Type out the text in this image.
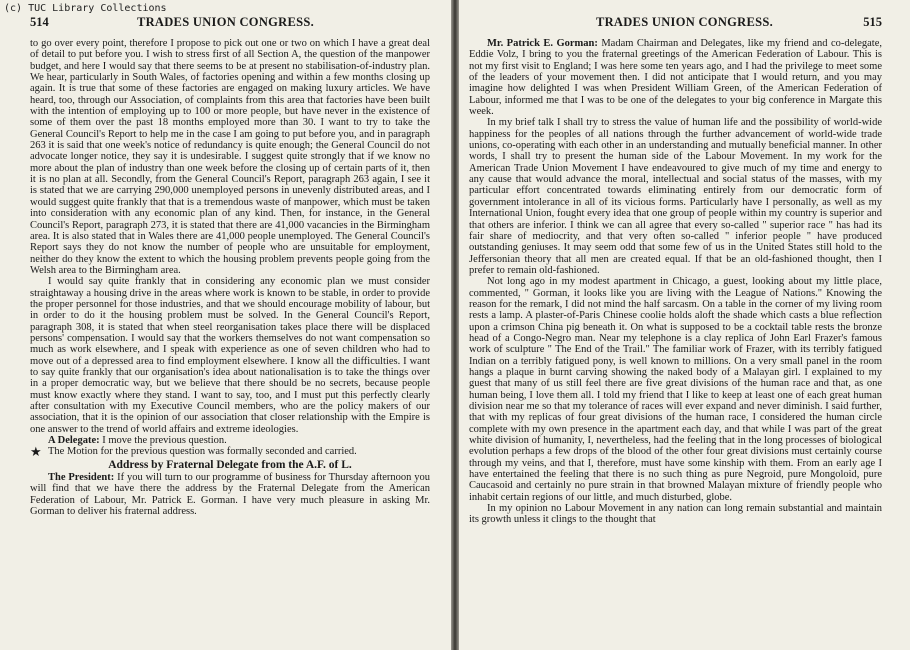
(c) TUC Library Collections
TRADES UNION CONGRESS.
514

to go over every point, therefore I propose to pick out one or two on which I have a great deal of detail to put before you. I wish to stress first of all Section A, the question of the manpower budget, and here I would say that there seems to be at present no stabilisation-of-industry plan. We hear, particularly in South Wales, of factories opening and within a few months closing up again. It is true that some of these factories are engaged on making luxury articles. We have heard, too, through our Association, of complaints from this area that factories have been built with the intention of employing up to 100 or more people, but have never in the existence of some of them over the past 18 months employed more than 30. I want to try to take the General Council's Report to help me in the case I am going to put before you, and in paragraph 263 it is said that one week's notice of redundancy is quite enough; the General Council do not advocate longer notice, they say it is undesirable. I suggest quite strongly that if we know no more about the plan of industry than one week before the closing up of certain parts of it, then it is no plan at all. Secondly, from the General Council's Report, paragraph 263 again, I see it is stated that we are carrying 290,000 unemployed persons in unevenly distributed areas, and I would suggest quite frankly that that is a tremendous waste of manpower, which must be taken into consideration with any economic plan of any kind. Then, for instance, in the General Council's Report, paragraph 273, it is stated that there are 41,000 vacancies in the Birmingham area. It is also stated that in Wales there are 41,000 people unemployed. The General Council's Report says they do not know the number of people who are unsuitable for employment, neither do they know the extent to which the housing problem prevents people going from the Welsh area to the Birmingham area.

I would say quite frankly that in considering any economic plan we must consider straightaway a housing drive in the areas where work is known to be stable, in order to provide the proper personnel for those industries, and that we should encourage mobility of labour, but in order to do it the housing problem must be solved. In the General Council's Report, paragraph 308, it is stated that when steel reorganisation takes place there will be displaced persons' compensation. I would say that the workers themselves do not want compensation so much as work elsewhere, and I speak with experience as one of seven children who had to move out of a depressed area to find employment elsewhere. I know all the difficulties. I want to say quite frankly that our organisation's idea about nationalisation is to take the things over in a proper democratic way, but we believe that there should be no secrets, because people must know exactly where they stand. I want to say, too, and I must put this perfectly clearly after consultation with my Executive Council members, who are the policy makers of our association, that it is the opinion of our association that closer relationship with the Empire is one answer to the trend of world affairs and extreme ideologies.

A Delegate: I move the previous question.

★ The Motion for the previous question was formally seconded and carried.

Address by Fraternal Delegate from the A.F. of L.

The President: If you will turn to our programme of business for Thursday afternoon you will find that we have there the address by the Fraternal Delegate from the American Federation of Labour, Mr. Patrick E. Gorman. I have very much pleasure in asking Mr. Gorman to deliver his fraternal address.

TRADES UNION CONGRESS.	515

Mr. Patrick E. Gorman: Madam Chairman and Delegates, like my friend and co-delegate, Eddie Volz, I bring to you the fraternal greetings of the American Federation of Labour. This is not my first visit to England; I was here some ten years ago, and I had the privilege to meet some of the leaders of your movement then. I did not anticipate that I would return, and you may imagine how delighted I was when President William Green, of the American Federation of Labour, informed me that I was to be one of the delegates to your big conference in Margate this week.

In my brief talk I shall try to stress the value of human life and the possibility of world-wide happiness for the peoples of all nations through the further advancement of world-wide trade unions, co-operating with each other in an understanding and mutually beneficial manner. In other words, I shall try to present the human side of the Labour Movement. In my work for the American Trade Union Movement I have endeavoured to give much of my time and energy to any cause that would advance the moral, intellectual and social status of the masses, with my particular effort concentrated towards eliminating entirely from our democratic form of government intolerance in all of its vicious forms. Particularly have I personally, as well as my International Union, fought every idea that one group of people within my country is superior and that others are inferior. I think we can all agree that every so-called " superior race " has had its fair share of mediocrity, and that very often so-called " inferior people " have produced outstanding geniuses. It may seem odd that some few of us in the United States still hold to the Jeffersonian theory that all men are created equal. If that be an old-fashioned thought, then I prefer to remain old-fashioned.

Not long ago in my modest apartment in Chicago, a guest, looking about my little place, commented, " Gorman, it looks like you are living with the League of Nations." Knowing the reason for the remark, I did not mind the half sarcasm. On a table in the corner of my living room rests a lamp. A plaster-of-Paris Chinese coolie holds aloft the shade which casts a blue reflection upon a crimson China pig beneath it. On what is supposed to be a cocktail table rests the bronze head of a Congo-Negro man. Near my telephone is a clay replica of John Earl Frazer's famous work of sculpture " The End of the Trail." The familiar work of Frazer, with its terribly fatigued Indian on a terribly fatigued pony, is well known to millions. On a very small panel in the room hangs a plaque in burnt carving showing the naked body of a Malayan girl. I explained to my guest that many of us still feel there are five great divisions of the human race and that, as one human being, I love them all. I told my friend that I like to keep at least one of each great human division near me so that my tolerance of races will ever expand and never diminish. I said further, that with my replicas of four great divisions of the human race, I considered the human circle complete with my own presence in the apartment each day, and that while I was part of the great white division of humanity, I, nevertheless, had the feeling that in the long processes of biological evolution perhaps a few drops of the blood of the other four great divisions must certainly course through my veins, and that I, therefore, must have some kinship with them. From an early age I have entertained the feeling that there is no such thing as pure Negroid, pure Mongoloid, pure Caucasoid and certainly no pure strain in that browned Malayan mixture of friendly people who inhabit certain regions of our little, and much disturbed, globe.

In my opinion no Labour Movement in any nation can long remain substantial and maintain its growth unless it clings to the thought that
